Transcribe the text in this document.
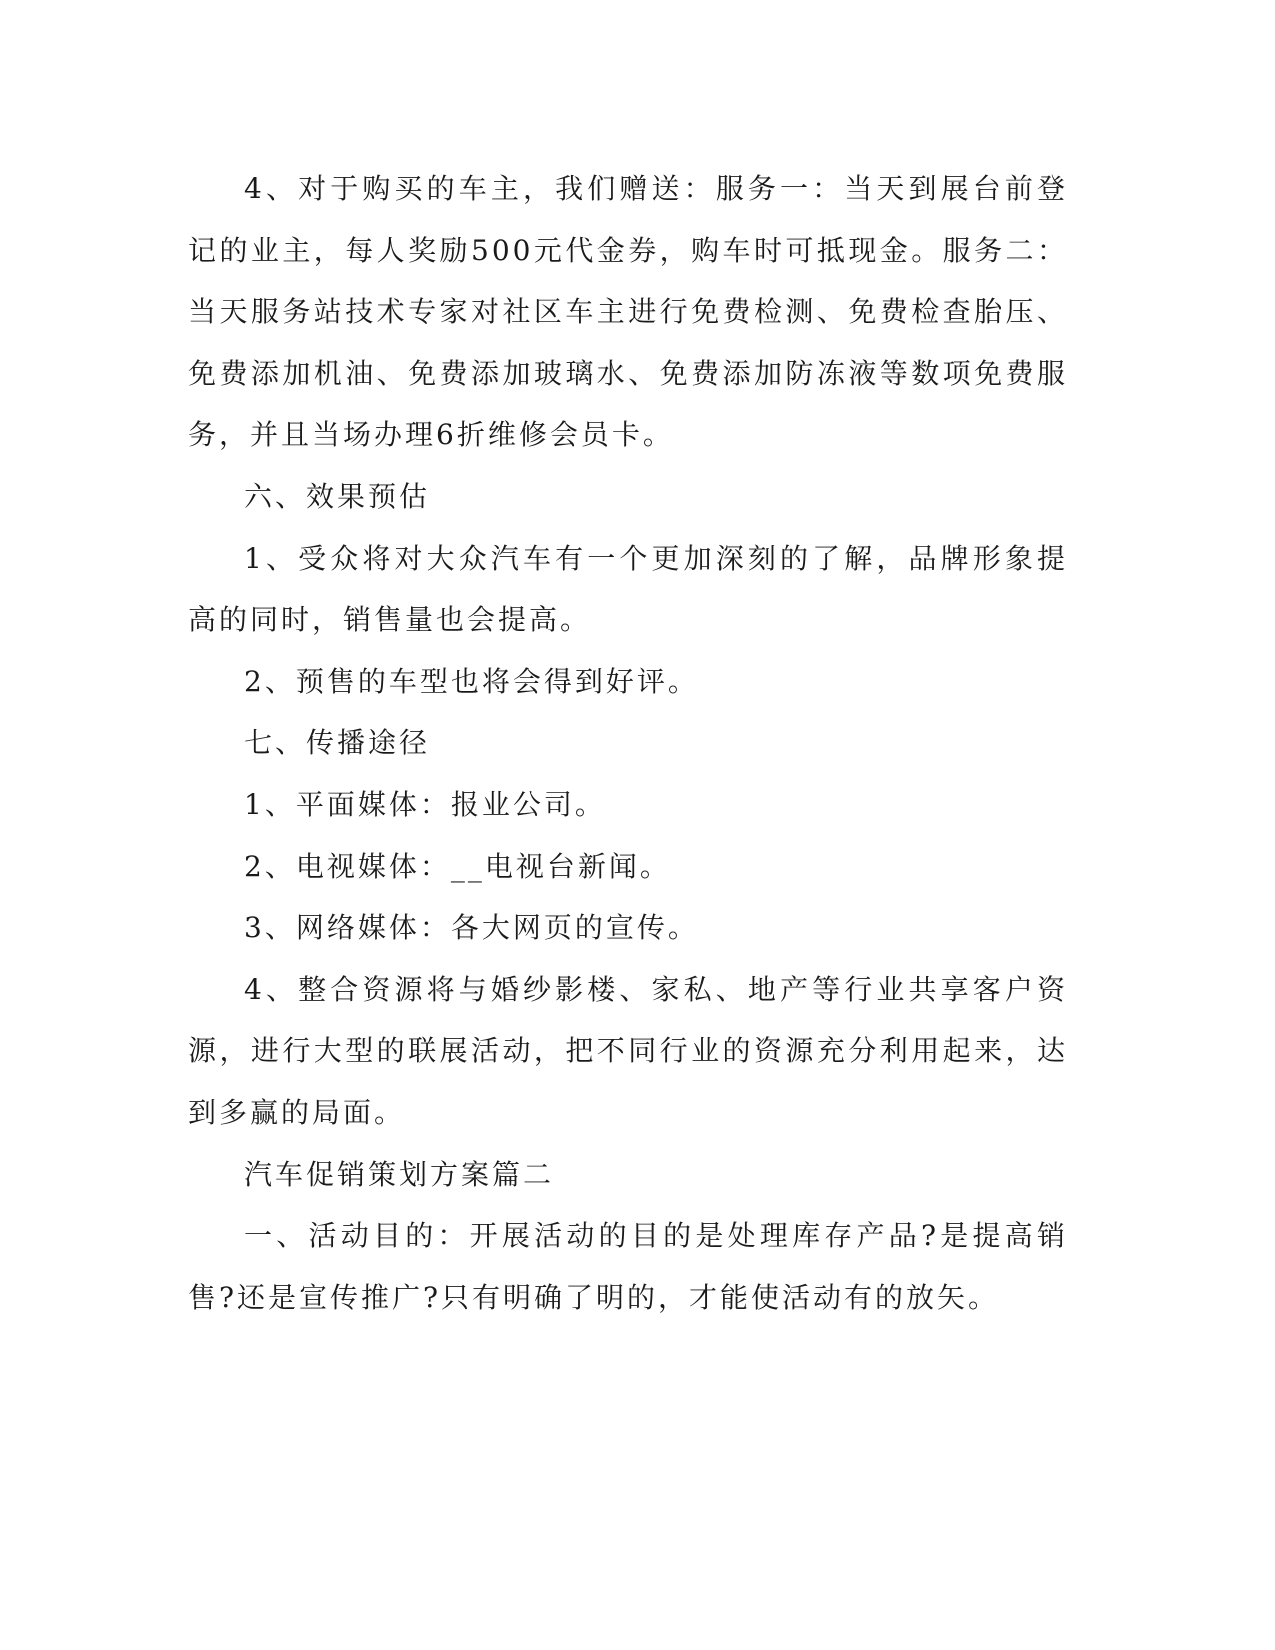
4、对于购买的车主，我们赠送：服务一：当天到展台前登记的业主，每人奖励500元代金券，购车时可抵现金。服务二：当天服务站技术专家对社区车主进行免费检测、免费检查胎压、免费添加机油、免费添加玻璃水、免费添加防冻液等数项免费服务，并且当场办理6折维修会员卡。

六、效果预估

1、受众将对大众汽车有一个更加深刻的了解，品牌形象提高的同时，销售量也会提高。

2、预售的车型也将会得到好评。

七、传播途径

1、平面媒体：报业公司。

2、电视媒体：__电视台新闻。

3、网络媒体：各大网页的宣传。

4、整合资源将与婚纱影楼、家私、地产等行业共享客户资源，进行大型的联展活动，把不同行业的资源充分利用起来，达到多赢的局面。

汽车促销策划方案篇二

一、活动目的：开展活动的目的是处理库存产品?是提高销售?还是宣传推广?只有明确了明的，才能使活动有的放矢。
